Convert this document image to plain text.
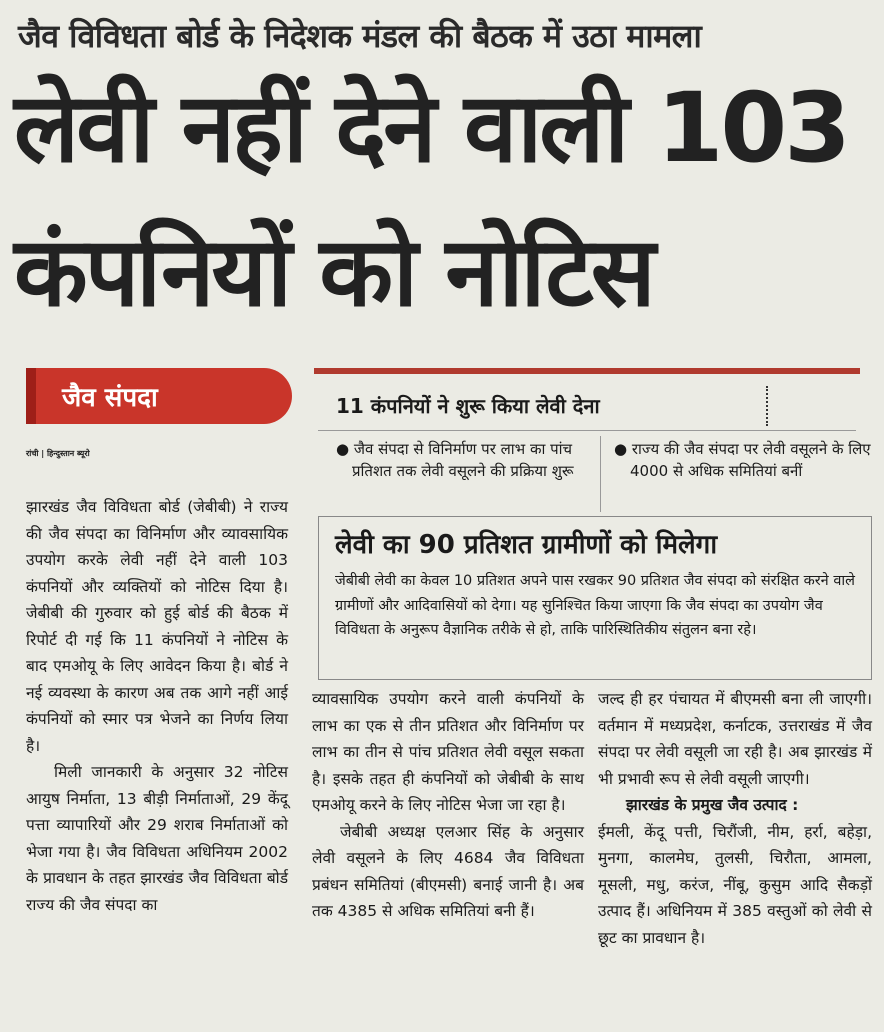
जैव विविधता बोर्ड के निदेशक मंडल की बैठक में उठा मामला
लेवी नहीं देने वाली 103
कंपनियों को नोटिस
जैव संपदा
रांची | हिन्दुस्तान ब्यूरो

झारखंड जैव विविधता बोर्ड (जेबीबी) ने राज्य की जैव संपदा का विनिर्माण और व्यावसायिक उपयोग करके लेवी नहीं देने वाली 103 कंपनियों और व्यक्तियों को नोटिस दिया है। जेबीबी की गुरुवार को हुई बोर्ड की बैठक में रिपोर्ट दी गई कि 11 कंपनियों ने नोटिस के बाद एमओयू के लिए आवेदन किया है। बोर्ड ने नई व्यवस्था के कारण अब तक आगे नहीं आई कंपनियों को स्मार पत्र भेजने का निर्णय लिया है।

मिली जानकारी के अनुसार 32 नोटिस आयुष निर्माता, 13 बीड़ी निर्माताओं, 29 केंदू पत्ता व्यापारियों और 29 शराब निर्माताओं को भेजा गया है। जैव विविधता अधिनियम 2002 के प्रावधान के तहत झारखंड जैव विविधता बोर्ड राज्य की जैव संपदा का

11 कंपनियों ने शुरू किया लेवी देना
● जैव संपदा से विनिर्माण पर लाभ का पांच प्रतिशत तक लेवी वसूलने की प्रक्रिया शुरू
● राज्य की जैव संपदा पर लेवी वसूलने के लिए 4000 से अधिक समितियां बनीं
लेवी का 90 प्रतिशत ग्रामीणों को मिलेगा
जेबीबी लेवी का केवल 10 प्रतिशत अपने पास रखकर 90 प्रतिशत जैव संपदा को संरक्षित करने वाले ग्रामीणों और आदिवासियों को देगा। यह सुनिश्चित किया जाएगा कि जैव संपदा का उपयोग जैव विविधता के अनुरूप वैज्ञानिक तरीके से हो, ताकि पारिस्थितिकीय संतुलन बना रहे।

व्यावसायिक उपयोग करने वाली कंपनियों के लाभ का एक से तीन प्रतिशत और विनिर्माण पर लाभ का तीन से पांच प्रतिशत लेवी वसूल सकता है। इसके तहत ही कंपनियों को जेबीबी के साथ एमओयू करने के लिए नोटिस भेजा जा रहा है।

जेबीबी अध्यक्ष एलआर सिंह के अनुसार लेवी वसूलने के लिए 4684 जैव विविधता प्रबंधन समितियां (बीएमसी) बनाई जानी है। अब तक 4385 से अधिक समितियां बनी हैं।

जल्द ही हर पंचायत में बीएमसी बना ली जाएगी। वर्तमान में मध्यप्रदेश, कर्नाटक, उत्तराखंड में जैव संपदा पर लेवी वसूली जा रही है। अब झारखंड में भी प्रभावी रूप से लेवी वसूली जाएगी।

झारखंड के प्रमुख जैव उत्पाद :

ईमली, केंदू पत्ती, चिरौंजी, नीम, हर्रा, बहेड़ा, मुनगा, कालमेघ, तुलसी, चिरौता, आमला, मूसली, मधु, करंज, नींबू, कुसुम आदि सैकड़ों उत्पाद हैं। अधिनियम में 385 वस्तुओं को लेवी से छूट का प्रावधान है।
